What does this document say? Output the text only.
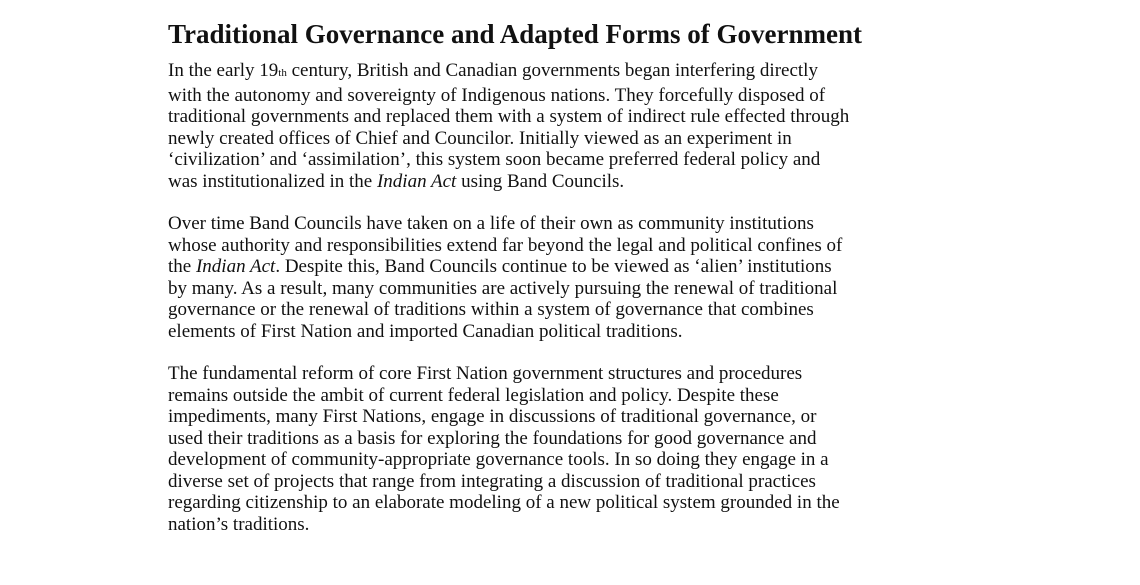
Traditional Governance and Adapted Forms of Government
In the early 19th century, British and Canadian governments began interfering directly
with the autonomy and sovereignty of Indigenous nations. They forcefully disposed of
traditional governments and replaced them with a system of indirect rule effected through
newly created offices of Chief and Councilor. Initially viewed as an experiment in
‘civilization’ and ‘assimilation’, this system soon became preferred federal policy and
was institutionalized in the Indian Act using Band Councils.
Over time Band Councils have taken on a life of their own as community institutions
whose authority and responsibilities extend far beyond the legal and political confines of
the Indian Act. Despite this, Band Councils continue to be viewed as ‘alien’ institutions
by many. As a result, many communities are actively pursuing the renewal of traditional
governance or the renewal of traditions within a system of governance that combines
elements of First Nation and imported Canadian political traditions.
The fundamental reform of core First Nation government structures and procedures
remains outside the ambit of current federal legislation and policy. Despite these
impediments, many First Nations, engage in discussions of traditional governance, or
used their traditions as a basis for exploring the foundations for good governance and
development of community-appropriate governance tools. In so doing they engage in a
diverse set of projects that range from integrating a discussion of traditional practices
regarding citizenship to an elaborate modeling of a new political system grounded in the
nation’s traditions.
